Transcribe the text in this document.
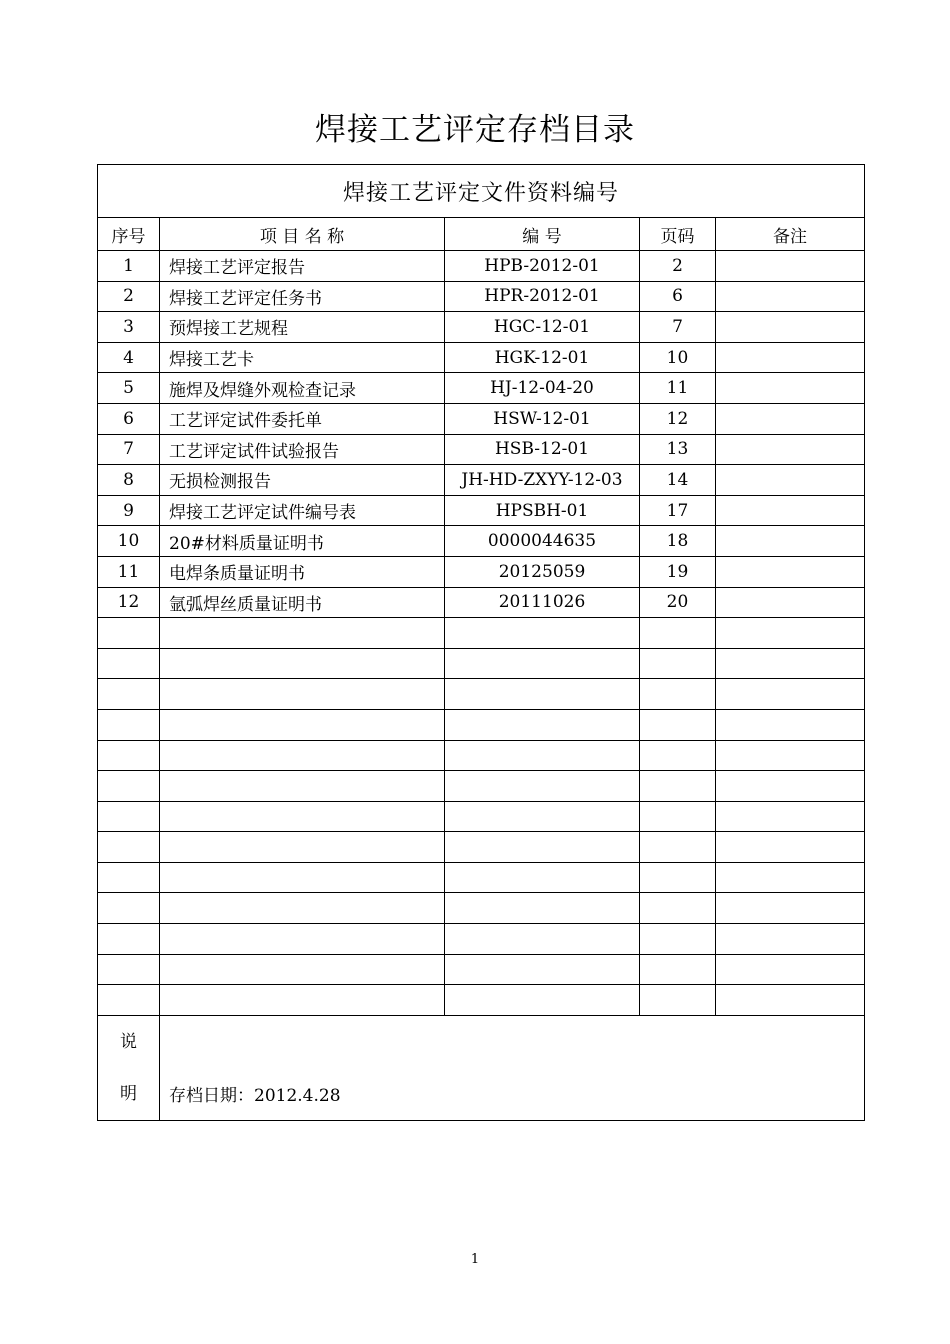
焊接工艺评定存档目录
焊接工艺评定文件资料编号				
序号	项 目 名 称	编 号	页码	备注
1	焊接工艺评定报告	HPB-2012-01	2	
2	焊接工艺评定任务书	HPR-2012-01	6	
3	预焊接工艺规程	HGC-12-01	7	
4	焊接工艺卡	HGK-12-01	10	
5	施焊及焊缝外观检查记录	HJ-12-04-20	11	
6	工艺评定试件委托单	HSW-12-01	12	
7	工艺评定试件试验报告	HSB-12-01	13	
8	无损检测报告	JH-HD-ZXYY-12-03	14	
9	焊接工艺评定试件编号表	HPSBH-01	17	
10	20#材料质量证明书	0000044635	18	
11	电焊条质量证明书	20125059	19	
12	氩弧焊丝质量证明书	20111026	20	

说
明	存档日期：2012.4.28			
1
